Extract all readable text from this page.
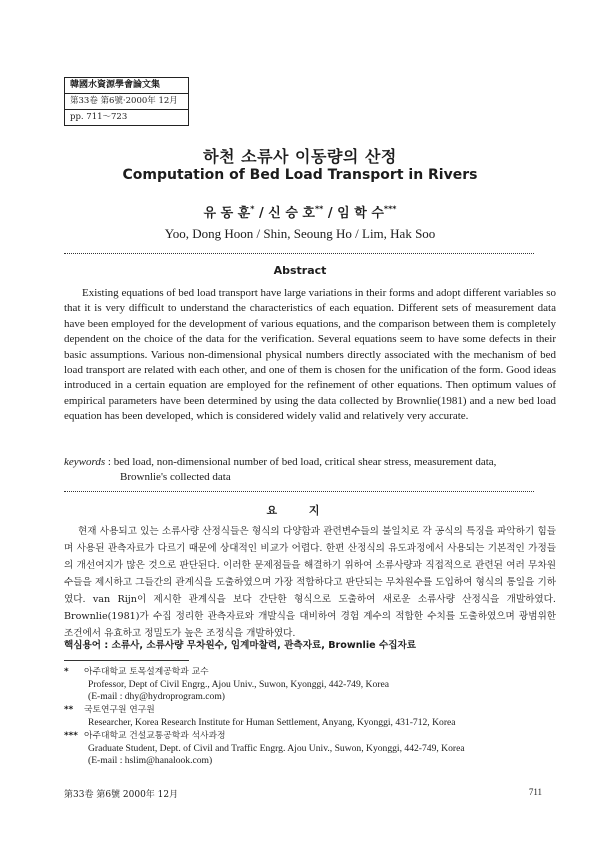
韓國水資源學會論文集
第33卷 第6號·2000年 12月
pp. 711～723
하천 소류사 이동량의 산정
Computation of Bed Load Transport in Rivers
유 동 훈* / 신 승 호** / 임 학 수***
Yoo, Dong Hoon / Shin, Seoung Ho / Lim, Hak Soo
Abstract
Existing equations of bed load transport have large variations in their forms and adopt different variables so that it is very difficult to understand the characteristics of each equation. Different sets of measurement data have been employed for the development of various equations, and the comparison between them is completely dependent on the choice of the data for the verification. Several equations seem to have some defects in their basic assumptions. Various non-dimensional physical numbers directly associated with the mechanism of bed load transport are related with each other, and one of them is chosen for the unification of the form. Good ideas introduced in a certain equation are employed for the refinement of other equations. Then optimum values of empirical parameters have been determined by using the data collected by Brownlie(1981) and a new bed load equation has been developed, which is considered widely valid and relatively very accurate.
keywords : bed load, non-dimensional number of bed load, critical shear stress, measurement data,
Brownlie's collected data
요 지
현재 사용되고 있는 소류사량 산정식들은 형식의 다양함과 관련변수들의 불일치로 각 공식의 특징을 파악하기 힘들며 사용된 관측자료가 다르기 때문에 상대적인 비교가 어렵다. 한편 산정식의 유도과정에서 사용되는 기본적인 가정들의 개선여지가 많은 것으로 판단된다. 이러한 문제점들을 해결하기 위하여 소류사량과 직접적으로 관련된 여러 무차원수들을 제시하고 그들간의 관계식을 도출하였으며 가장 적합하다고 판단되는 무차원수를 도입하여 형식의 통일을 기하였다. van Rijn이 제시한 관계식을 보다 간단한 형식으로 도출하여 새로운 소류사량 산정식을 개발하였다. Brownlie(1981)가 수집 정리한 관측자료와 개발식을 대비하여 경험 계수의 적합한 수치를 도출하였으며 광범위한 조건에서 유효하고 정밀도가 높은 조정식을 개발하였다.
핵심용어 : 소류사, 소류사량 무차원수, 임계마찰력, 관측자료, Brownlie 수집자료
*	아주대학교 토목설계공학과 교수
Professor, Dept of Civil Engrg., Ajou Univ., Suwon, Kyonggi, 442-749, Korea
(E-mail : dhy@hydroprogram.com)
**	국토연구원 연구원
Researcher, Korea Research Institute for Human Settlement, Anyang, Kyonggi, 431-712, Korea
*** 아주대학교 건설교통공학과 석사과정
Graduate Student, Dept. of Civil and Traffic Engrg. Ajou Univ., Suwon, Kyonggi, 442-749, Korea
(E-mail : hslim@hanalook.com)
第33卷 第6號 2000年 12月	711
